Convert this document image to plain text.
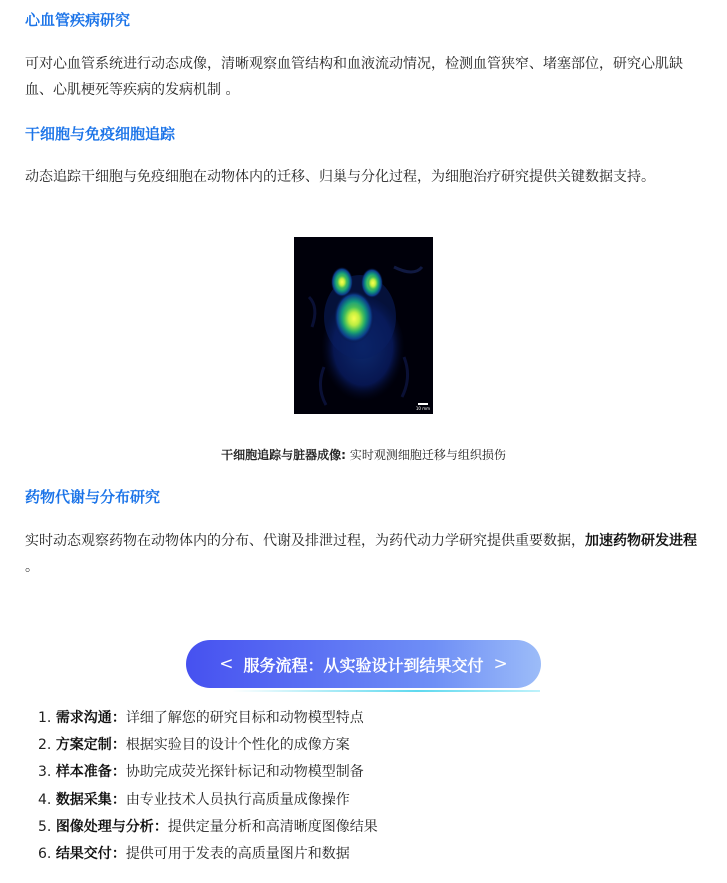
心血管疾病研究

可对心血管系统进行动态成像，清晰观察血管结构和血液流动情况，检测血管狭窄、堵塞部位，研究心肌缺血、心肌梗死等疾病的发病机制 。

干细胞与免疫细胞追踪

动态追踪干细胞与免疫细胞在动物体内的迁移、归巢与分化过程，为细胞治疗研究提供关键数据支持。

10 mm
干细胞追踪与脏器成像: 实时观测细胞迁移与组织损伤
药物代谢与分布研究

实时动态观察药物在动物体内的分布、代谢及排泄过程，为药代动力学研究提供重要数据，加速药物研发进程 。

< 服务流程：从实验设计到结果交付 >
1. 需求沟通：详细了解您的研究目标和动物模型特点
2. 方案定制：根据实验目的设计个性化的成像方案
3. 样本准备：协助完成荧光探针标记和动物模型制备
4. 数据采集：由专业技术人员执行高质量成像操作
5. 图像处理与分析：提供定量分析和高清晰度图像结果
6. 结果交付：提供可用于发表的高质量图片和数据
